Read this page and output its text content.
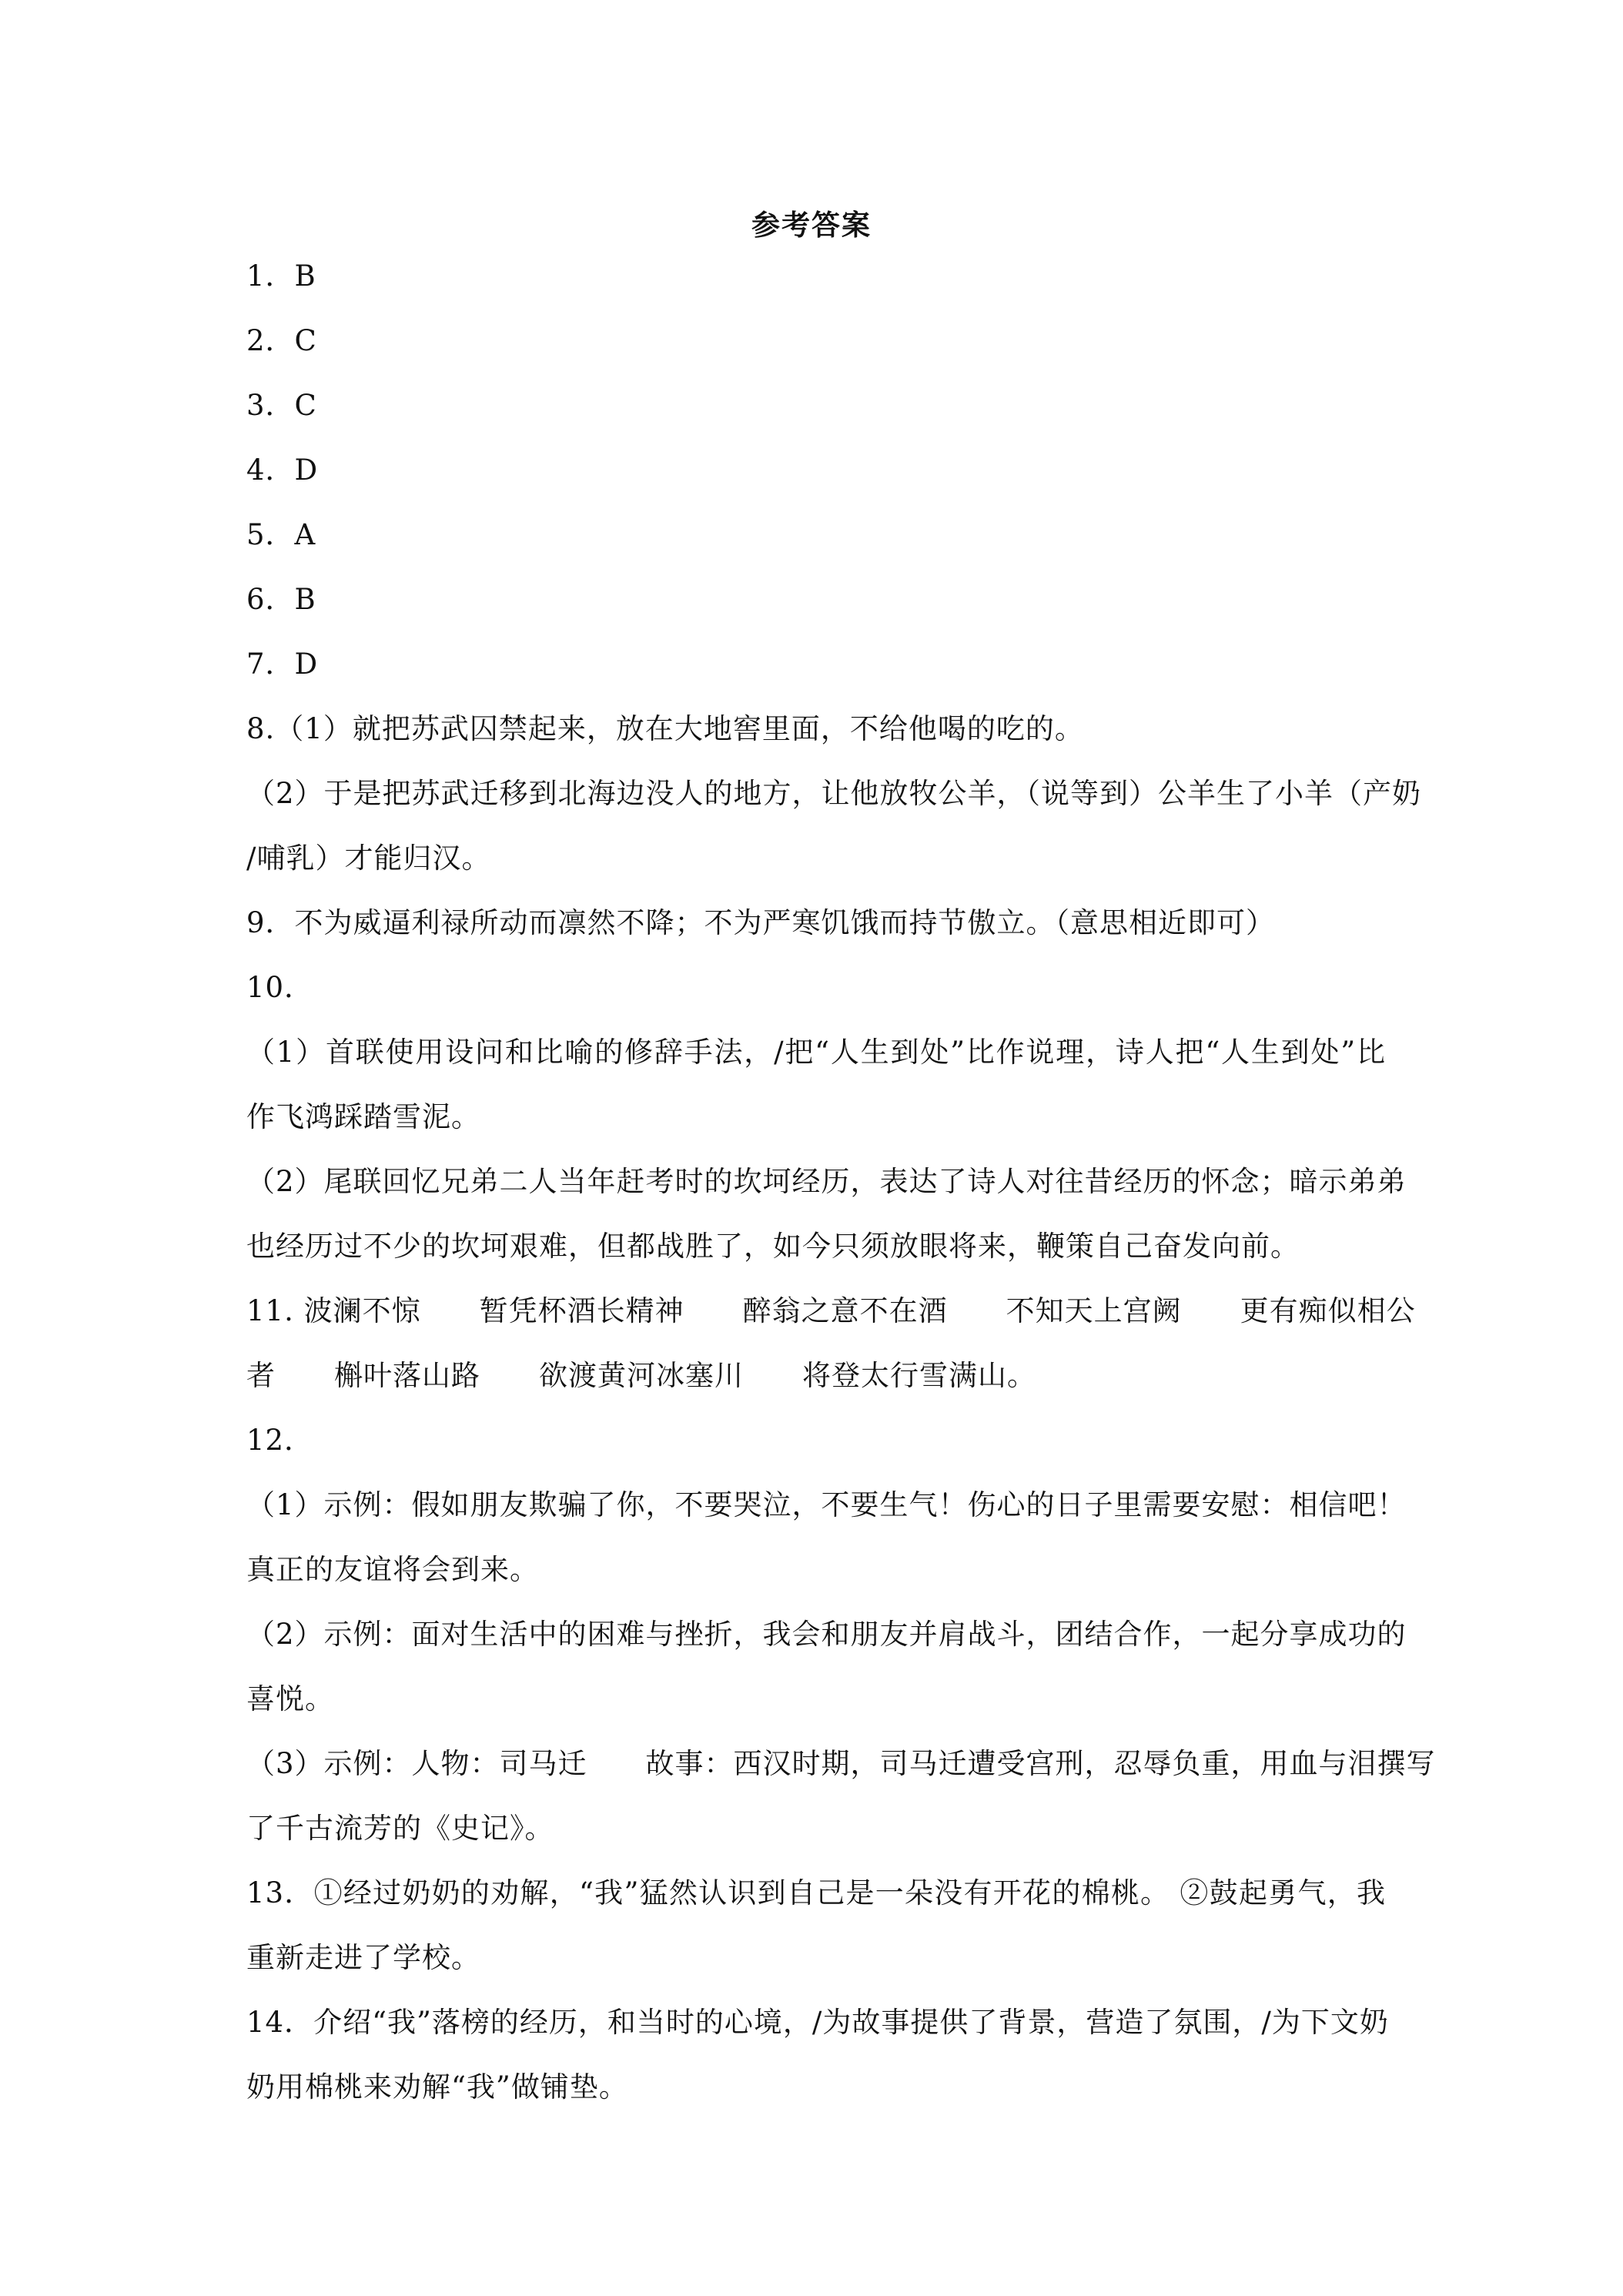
参考答案
1．B
2．C
3．C
4．D
5．A
6．B
7．D
8.（1）就把苏武囚禁起来，放在大地窖里面，不给他喝的吃的。
（2）于是把苏武迁移到北海边没人的地方，让他放牧公羊，（说等到）公羊生了小羊（产奶
/哺乳）才能归汉。
9．不为威逼利禄所动而凛然不降；不为严寒饥饿而持节傲立。（意思相近即可）
10．
（1）首联使用设问和比喻的修辞手法，/把“人生到处”比作说理，诗人把“人生到处”比
作飞鸿踩踏雪泥。
（2）尾联回忆兄弟二人当年赶考时的坎坷经历，表达了诗人对往昔经历的怀念；暗示弟弟
也经历过不少的坎坷艰难，但都战胜了，如今只须放眼将来，鞭策自己奋发向前。
11. 波澜不惊　　暂凭杯酒长精神　　醉翁之意不在酒　　不知天上宫阙　　更有痴似相公
者　　槲叶落山路　　欲渡黄河冰塞川　　将登太行雪满山。
12．
（1）示例：假如朋友欺骗了你，不要哭泣，不要生气！伤心的日子里需要安慰：相信吧！
真正的友谊将会到来。
（2）示例：面对生活中的困难与挫折，我会和朋友并肩战斗，团结合作，一起分享成功的
喜悦。
（3）示例：人物：司马迁　　故事：西汉时期，司马迁遭受宫刑，忍辱负重，用血与泪撰写
了千古流芳的《史记》。
13．①经过奶奶的劝解，“我”猛然认识到自己是一朵没有开花的棉桃。 ②鼓起勇气，我
重新走进了学校。
14．介绍“我”落榜的经历，和当时的心境，/为故事提供了背景，营造了氛围，/为下文奶
奶用棉桃来劝解“我”做铺垫。
